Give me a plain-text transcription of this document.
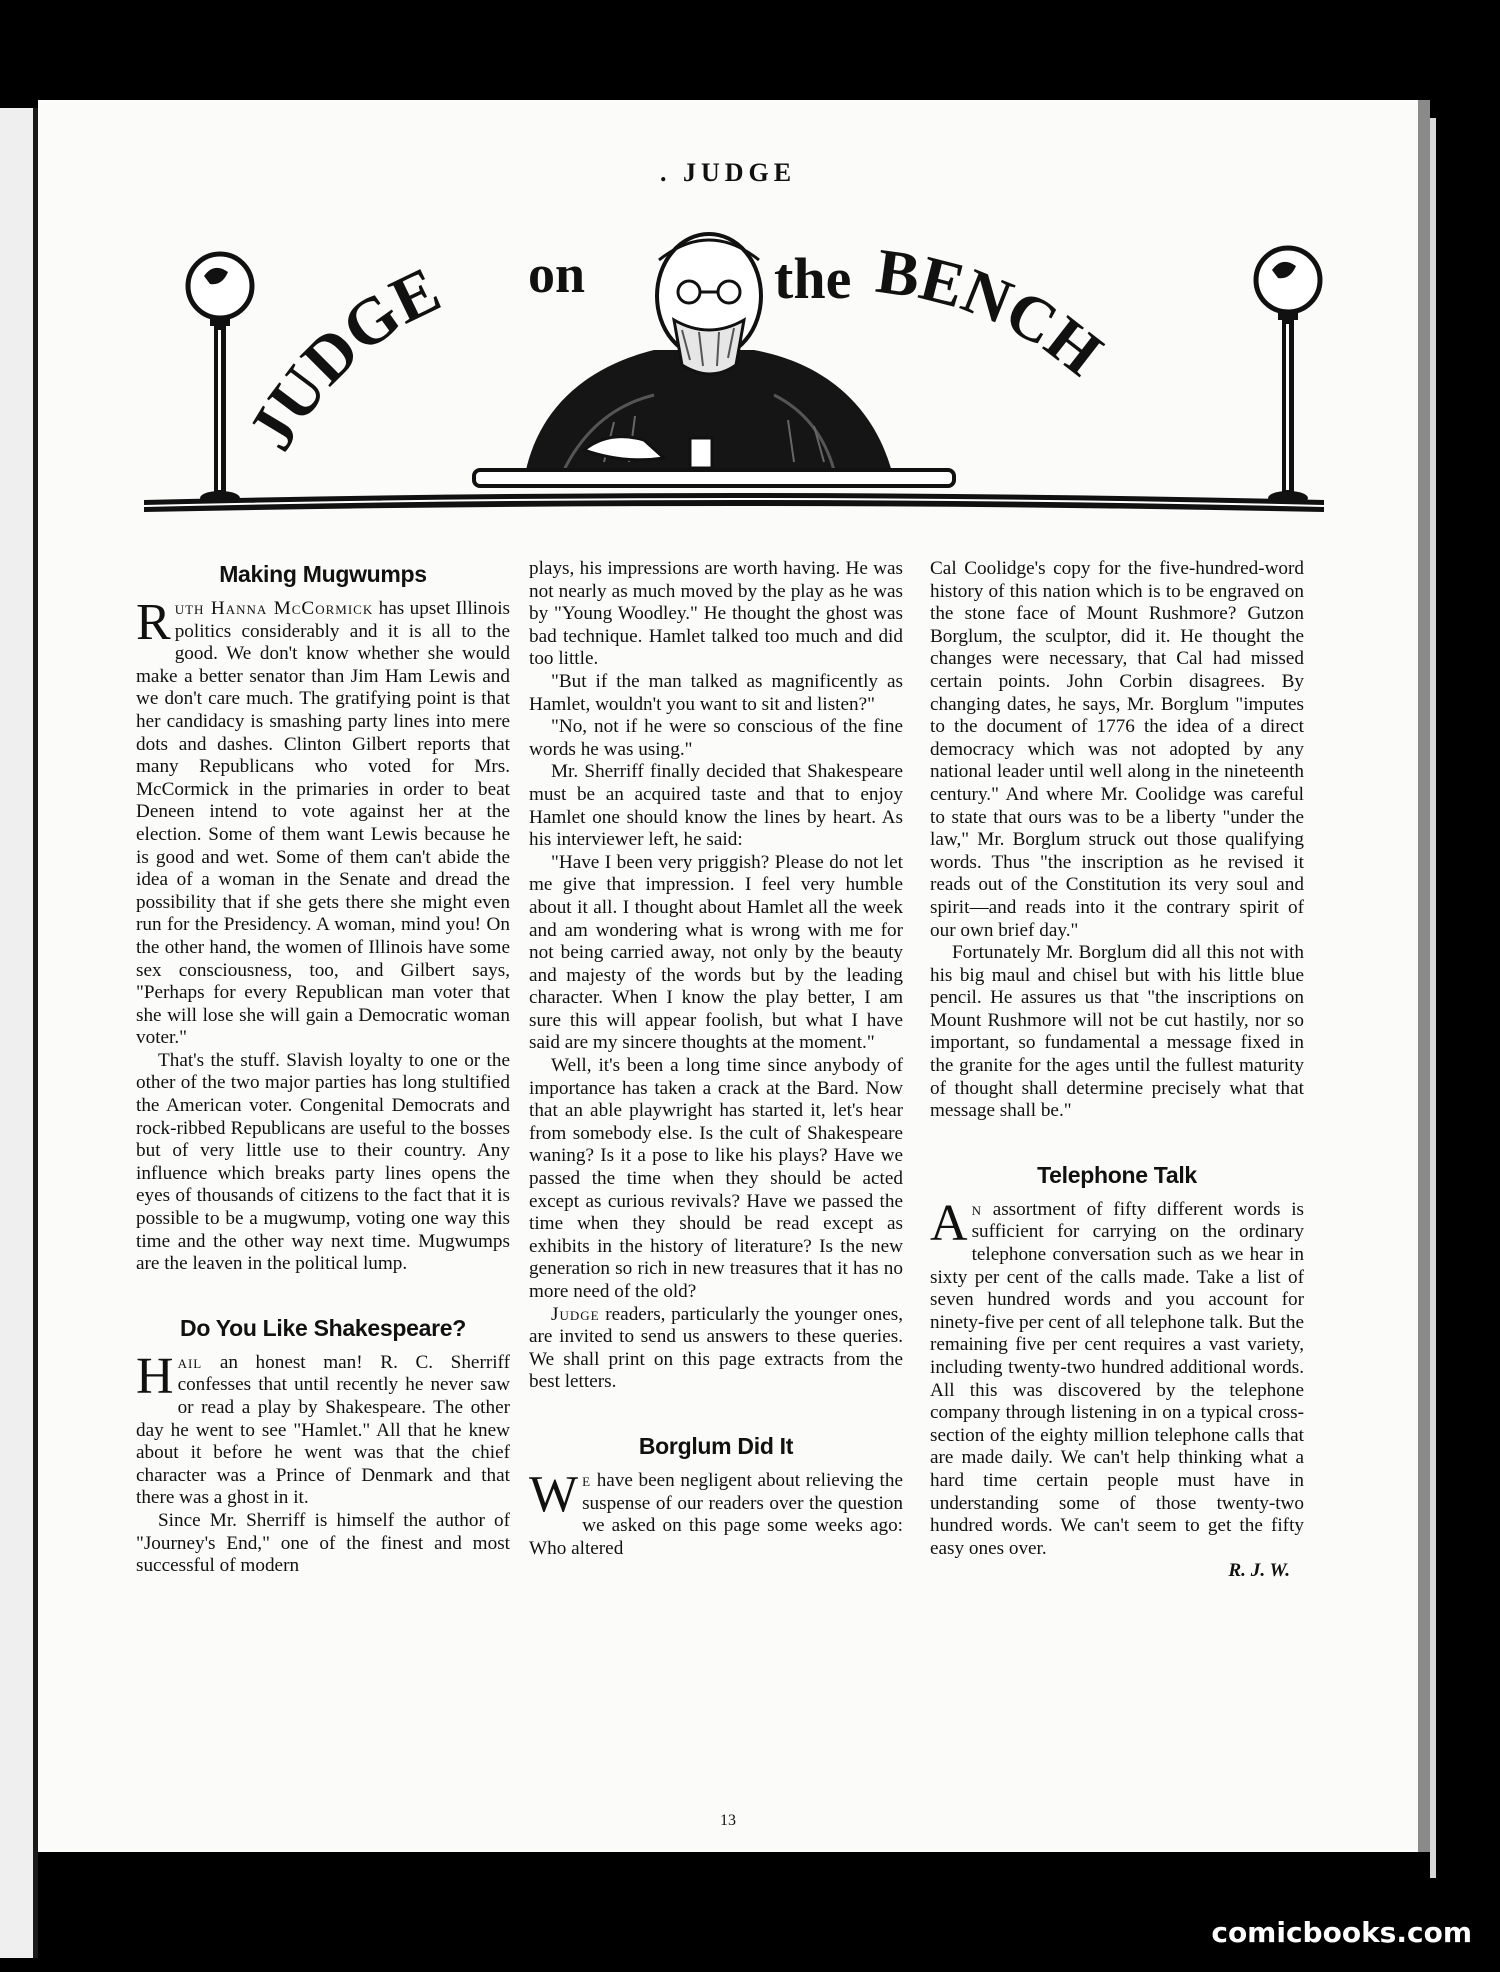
. JUDGE
JUDGE on	the BENCH
Making Mugwumps

Ruth Hanna McCormick has upset Illinois politics considerably and it is all to the good. We don't know whether she would make a better senator than Jim Ham Lewis and we don't care much. The gratifying point is that her candidacy is smashing party lines into mere dots and dashes. Clinton Gilbert reports that many Republicans who voted for Mrs. McCormick in the primaries in order to beat Deneen intend to vote against her at the election. Some of them want Lewis because he is good and wet. Some of them can't abide the idea of a woman in the Senate and dread the possibility that if she gets there she might even run for the Presidency. A woman, mind you! On the other hand, the women of Illinois have some sex consciousness, too, and Gilbert says, "Perhaps for every Republican man voter that she will lose she will gain a Democratic woman voter."

That's the stuff. Slavish loyalty to one or the other of the two major parties has long stultified the American voter. Congenital Democrats and rock-ribbed Republicans are useful to the bosses but of very little use to their country. Any influence which breaks party lines opens the eyes of thousands of citizens to the fact that it is possible to be a mugwump, voting one way this time and the other way next time. Mugwumps are the leaven in the political lump.

Do You Like Shakespeare?

Hail an honest man! R. C. Sherriff confesses that until recently he never saw or read a play by Shakespeare. The other day he went to see "Hamlet." All that he knew about it before he went was that the chief character was a Prince of Denmark and that there was a ghost in it.

Since Mr. Sherriff is himself the author of "Journey's End," one of the finest and most successful of modern

plays, his impressions are worth having. He was not nearly as much moved by the play as he was by "Young Woodley." He thought the ghost was bad technique. Hamlet talked too much and did too little.

"But if the man talked as magnificently as Hamlet, wouldn't you want to sit and listen?"

"No, not if he were so conscious of the fine words he was using."

Mr. Sherriff finally decided that Shakespeare must be an acquired taste and that to enjoy Hamlet one should know the lines by heart. As his interviewer left, he said:

"Have I been very priggish? Please do not let me give that impression. I feel very humble about it all. I thought about Hamlet all the week and am wondering what is wrong with me for not being carried away, not only by the beauty and majesty of the words but by the leading character. When I know the play better, I am sure this will appear foolish, but what I have said are my sincere thoughts at the moment."

Well, it's been a long time since anybody of importance has taken a crack at the Bard. Now that an able playwright has started it, let's hear from somebody else. Is the cult of Shakespeare waning? Is it a pose to like his plays? Have we passed the time when they should be acted except as curious revivals? Have we passed the time when they should be read except as exhibits in the history of literature? Is the new generation so rich in new treasures that it has no more need of the old?

Judge readers, particularly the younger ones, are invited to send us answers to these queries. We shall print on this page extracts from the best letters.

Borglum Did It

We have been negligent about relieving the suspense of our readers over the question we asked on this page some weeks ago: Who altered

Cal Coolidge's copy for the five-hundred-word history of this nation which is to be engraved on the stone face of Mount Rushmore? Gutzon Borglum, the sculptor, did it. He thought the changes were necessary, that Cal had missed certain points. John Corbin disagrees. By changing dates, he says, Mr. Borglum "imputes to the document of 1776 the idea of a direct democracy which was not adopted by any national leader until well along in the nineteenth century." And where Mr. Coolidge was careful to state that ours was to be a liberty "under the law," Mr. Borglum struck out those qualifying words. Thus "the inscription as he revised it reads out of the Constitution its very soul and spirit—and reads into it the contrary spirit of our own brief day."

Fortunately Mr. Borglum did all this not with his big maul and chisel but with his little blue pencil. He assures us that "the inscriptions on Mount Rushmore will not be cut hastily, nor so important, so fundamental a message fixed in the granite for the ages until the fullest maturity of thought shall determine precisely what that message shall be."

Telephone Talk

An assortment of fifty different words is sufficient for carrying on the ordinary telephone conversation such as we hear in sixty per cent of the calls made. Take a list of seven hundred words and you account for ninety-five per cent of all telephone talk. But the remaining five per cent requires a vast variety, including twenty-two hundred additional words. All this was discovered by the telephone company through listening in on a typical cross-section of the eighty million telephone calls that are made daily. We can't help thinking what a hard time certain people must have in understanding some of those twenty-two hundred words. We can't seem to get the fifty easy ones over.

R. J. W.
13
comicbooks.com
